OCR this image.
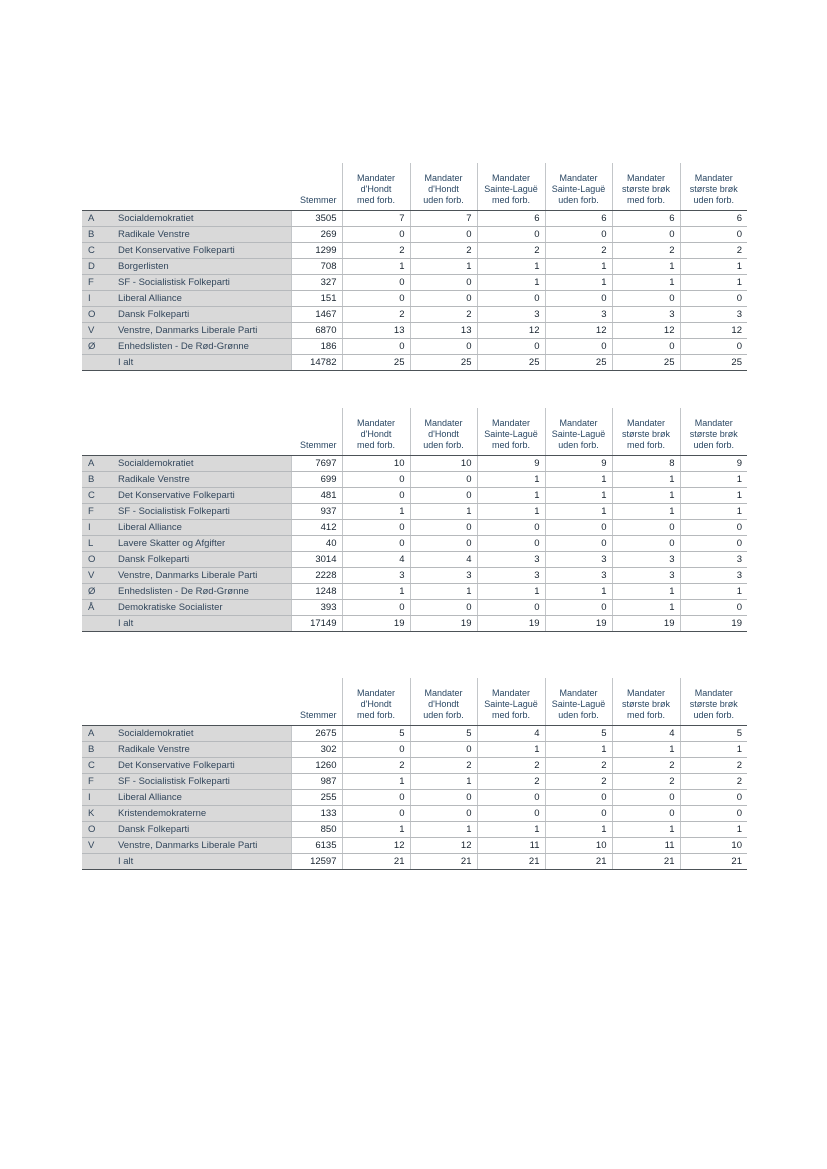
		Stemmer	Mandater
d'Hondt
med forb.	Mandater
d'Hondt
uden forb.	Mandater
Sainte-Laguë
med forb.	Mandater
Sainte-Laguë
uden forb.	Mandater
største brøk
med forb.	Mandater
største brøk
uden forb.
A	Socialdemokratiet	3505	7	7	6	6	6	6
B	Radikale Venstre	269	0	0	0	0	0	0
C	Det Konservative Folkeparti	1299	2	2	2	2	2	2
D	Borgerlisten	708	1	1	1	1	1	1
F	SF - Socialistisk Folkeparti	327	0	0	1	1	1	1
I	Liberal Alliance	151	0	0	0	0	0	0
O	Dansk Folkeparti	1467	2	2	3	3	3	3
V	Venstre, Danmarks Liberale Parti	6870	13	13	12	12	12	12
Ø	Enhedslisten - De Rød-Grønne	186	0	0	0	0	0	0
	I alt	14782	25	25	25	25	25	25
		Stemmer	Mandater
d'Hondt
med forb.	Mandater
d'Hondt
uden forb.	Mandater
Sainte-Laguë
med forb.	Mandater
Sainte-Laguë
uden forb.	Mandater
største brøk
med forb.	Mandater
største brøk
uden forb.
A	Socialdemokratiet	7697	10	10	9	9	8	9
B	Radikale Venstre	699	0	0	1	1	1	1
C	Det Konservative Folkeparti	481	0	0	1	1	1	1
F	SF - Socialistisk Folkeparti	937	1	1	1	1	1	1
I	Liberal Alliance	412	0	0	0	0	0	0
L	Lavere Skatter og Afgifter	40	0	0	0	0	0	0
O	Dansk Folkeparti	3014	4	4	3	3	3	3
V	Venstre, Danmarks Liberale Parti	2228	3	3	3	3	3	3
Ø	Enhedslisten - De Rød-Grønne	1248	1	1	1	1	1	1
Å	Demokratiske Socialister	393	0	0	0	0	1	0
	I alt	17149	19	19	19	19	19	19
		Stemmer	Mandater
d'Hondt
med forb.	Mandater
d'Hondt
uden forb.	Mandater
Sainte-Laguë
med forb.	Mandater
Sainte-Laguë
uden forb.	Mandater
største brøk
med forb.	Mandater
største brøk
uden forb.
A	Socialdemokratiet	2675	5	5	4	5	4	5
B	Radikale Venstre	302	0	0	1	1	1	1
C	Det Konservative Folkeparti	1260	2	2	2	2	2	2
F	SF - Socialistisk Folkeparti	987	1	1	2	2	2	2
I	Liberal Alliance	255	0	0	0	0	0	0
K	Kristendemokraterne	133	0	0	0	0	0	0
O	Dansk Folkeparti	850	1	1	1	1	1	1
V	Venstre, Danmarks Liberale Parti	6135	12	12	11	10	11	10
	I alt	12597	21	21	21	21	21	21
